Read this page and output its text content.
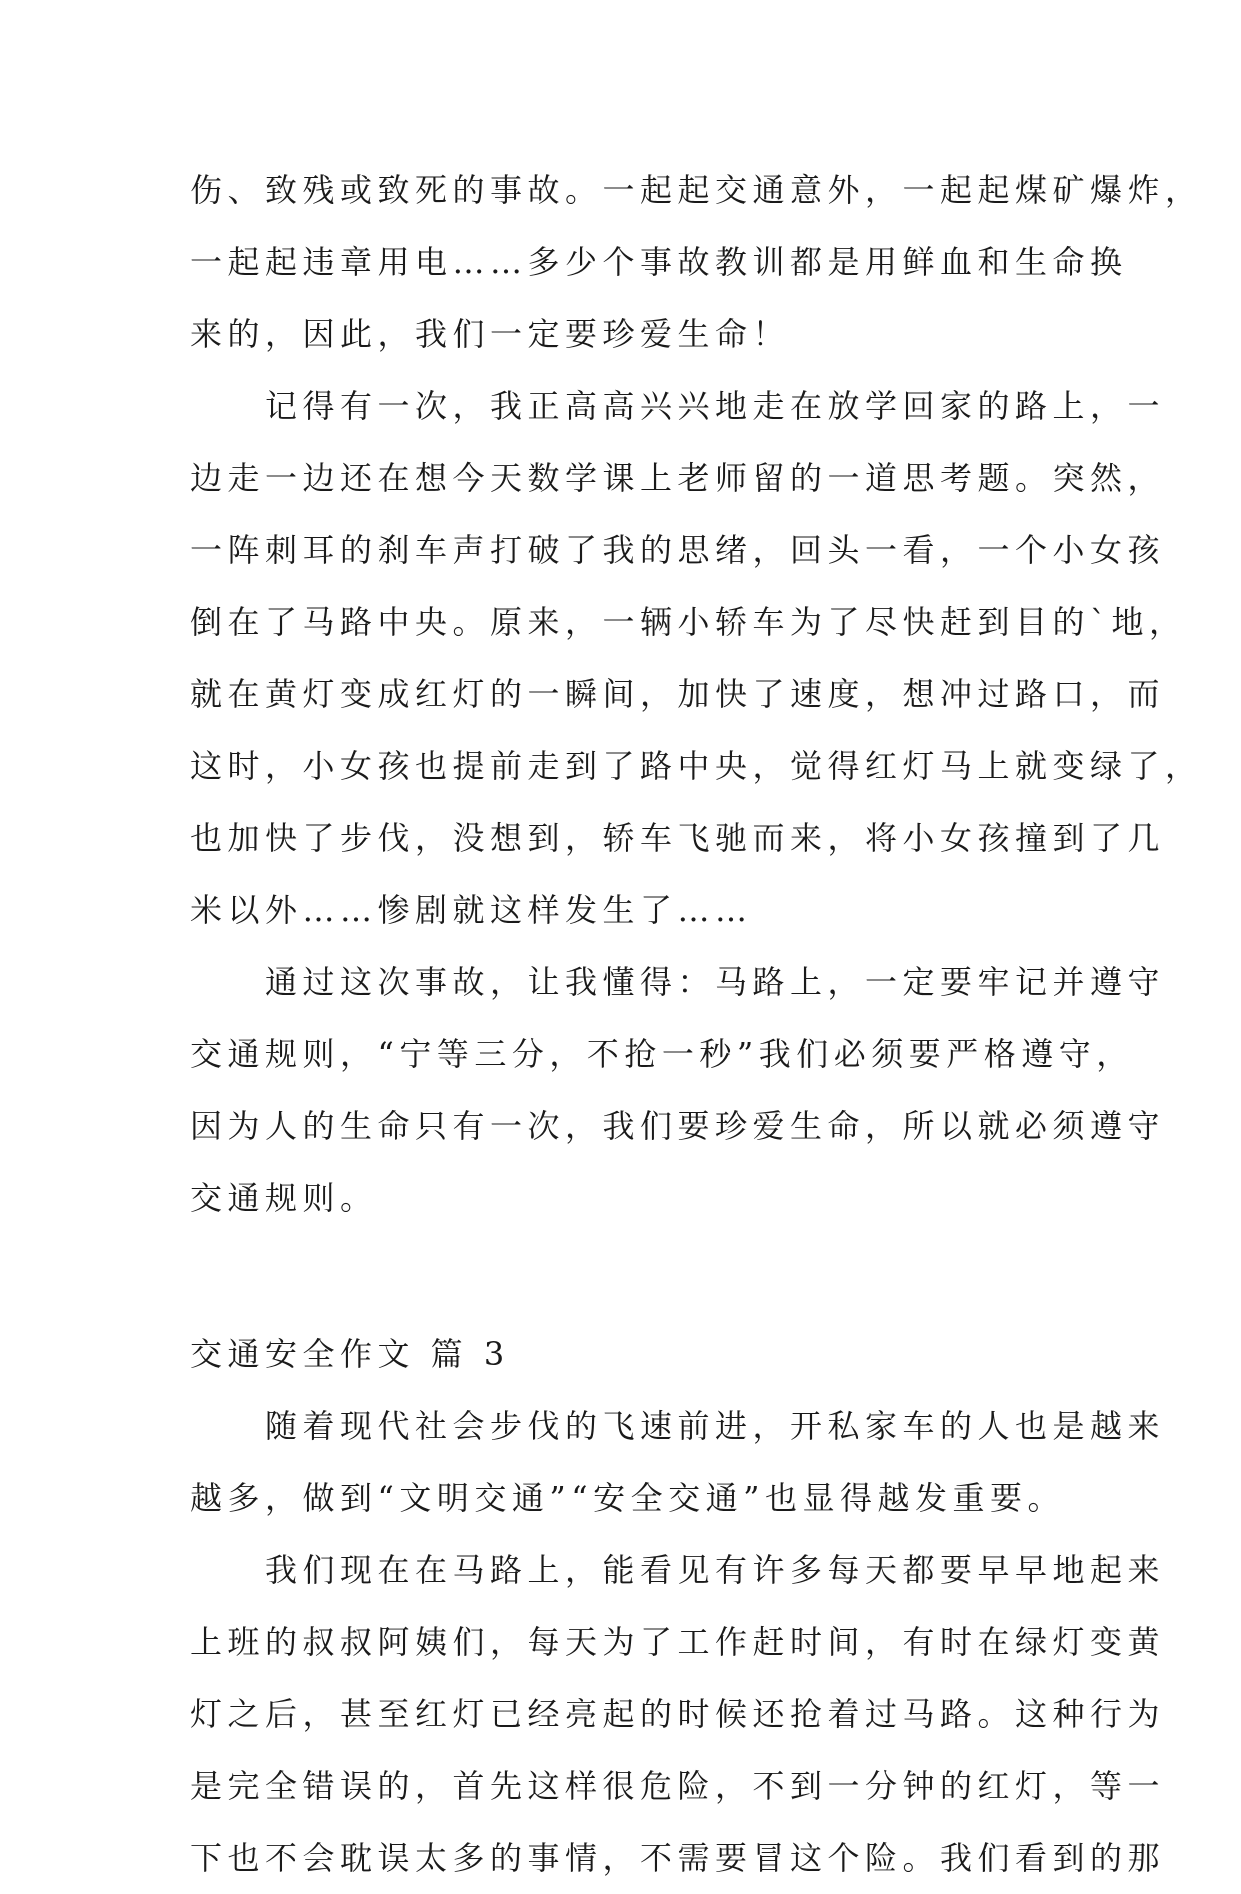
伤、致残或致死的事故。一起起交通意外，一起起煤矿爆炸，
一起起违章用电……多少个事故教训都是用鲜血和生命换
来的，因此，我们一定要珍爱生命！
　　记得有一次，我正高高兴兴地走在放学回家的路上，一
边走一边还在想今天数学课上老师留的一道思考题。突然，
一阵刺耳的刹车声打破了我的思绪，回头一看，一个小女孩
倒在了马路中央。原来，一辆小轿车为了尽快赶到目的`地，
就在黄灯变成红灯的一瞬间，加快了速度，想冲过路口，而
这时，小女孩也提前走到了路中央，觉得红灯马上就变绿了，
也加快了步伐，没想到，轿车飞驰而来，将小女孩撞到了几
米以外……惨剧就这样发生了……
　　通过这次事故，让我懂得：马路上，一定要牢记并遵守
交通规则，“宁等三分，不抢一秒”我们必须要严格遵守，
因为人的生命只有一次，我们要珍爱生命，所以就必须遵守
交通规则。
交通安全作文 篇 3
　　随着现代社会步伐的飞速前进，开私家车的人也是越来
越多，做到“文明交通”“安全交通”也显得越发重要。
　　我们现在在马路上，能看见有许多每天都要早早地起来
上班的叔叔阿姨们，每天为了工作赶时间，有时在绿灯变黄
灯之后，甚至红灯已经亮起的时候还抢着过马路。这种行为
是完全错误的，首先这样很危险，不到一分钟的红灯，等一
下也不会耽误太多的事情，不需要冒这个险。我们看到的那
